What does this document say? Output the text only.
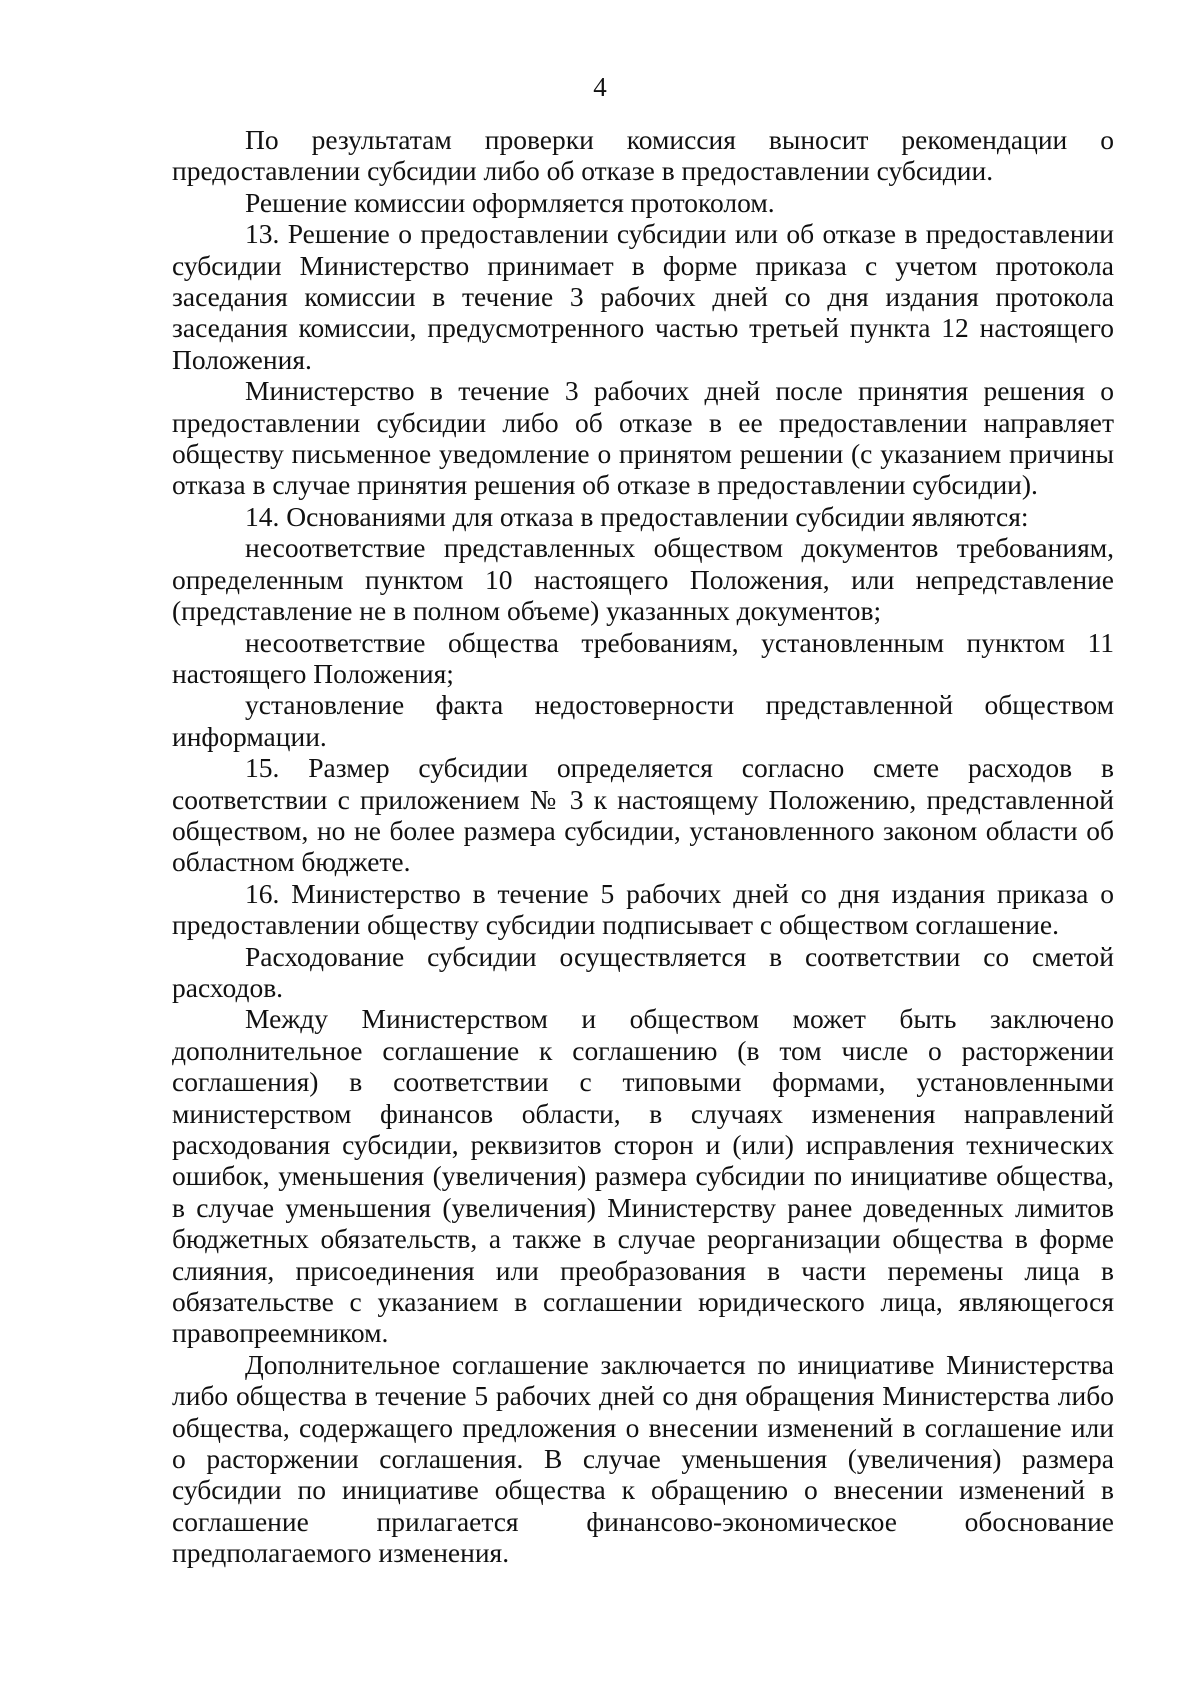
4

По результатам проверки комиссия выносит рекомендации о предоставлении субсидии либо об отказе в предоставлении субсидии.

Решение комиссии оформляется протоколом.

13. Решение о предоставлении субсидии или об отказе в предоставлении субсидии Министерство принимает в форме приказа с учетом протокола заседания комиссии в течение 3 рабочих дней со дня издания протокола заседания комиссии, предусмотренного частью третьей пункта 12 настоящего Положения.

Министерство в течение 3 рабочих дней после принятия решения о предоставлении субсидии либо об отказе в ее предоставлении направляет обществу письменное уведомление о принятом решении (с указанием причины отказа в случае принятия решения об отказе в предоставлении субсидии).

14. Основаниями для отказа в предоставлении субсидии являются:

несоответствие представленных обществом документов требованиям, определенным пунктом 10 настоящего Положения, или непредставление (представление не в полном объеме) указанных документов;

несоответствие общества требованиям, установленным пунктом 11 настоящего Положения;

установление факта недостоверности представленной обществом информации.

15. Размер субсидии определяется согласно смете расходов в соответствии с приложением № 3 к настоящему Положению, представленной обществом, но не более размера субсидии, установленного законом области об областном бюджете.

16. Министерство в течение 5 рабочих дней со дня издания приказа о предоставлении обществу субсидии подписывает с обществом соглашение.

Расходование субсидии осуществляется в соответствии со сметой расходов.

Между Министерством и обществом может быть заключено дополнительное соглашение к соглашению (в том числе о расторжении соглашения) в соответствии с типовыми формами, установленными министерством финансов области, в случаях изменения направлений расходования субсидии, реквизитов сторон и (или) исправления технических ошибок, уменьшения (увеличения) размера субсидии по инициативе общества, в случае уменьшения (увеличения) Министерству ранее доведенных лимитов бюджетных обязательств, а также в случае реорганизации общества в форме слияния, присоединения или преобразования в части перемены лица в обязательстве с указанием в соглашении юридического лица, являющегося правопреемником.

Дополнительное соглашение заключается по инициативе Министерства либо общества в течение 5 рабочих дней со дня обращения Министерства либо общества, содержащего предложения о внесении изменений в соглашение или о расторжении соглашения. В случае уменьшения (увеличения) размера субсидии по инициативе общества к обращению о внесении изменений в соглашение прилагается финансово-экономическое обоснование предполагаемого изменения.
